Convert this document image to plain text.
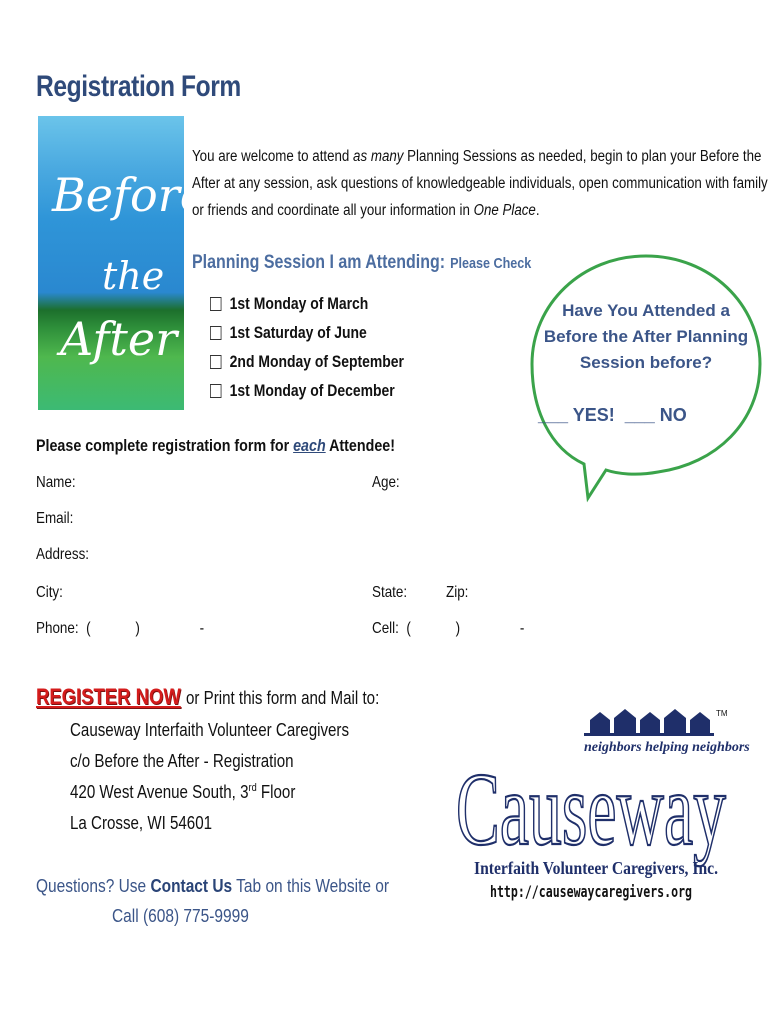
Registration Form
Before
the
After
You are welcome to attend as many Planning Sessions as needed, begin to plan your Before the
After at any session, ask questions of knowledgeable individuals, open communication with family
or friends and coordinate all your information in One Place.
Planning Session I am Attending: Please Check
1st Monday of March
1st Saturday of June
2nd Monday of September
1st Monday of December
Have You Attended a
Before the After Planning
Session before?
___ YES! ___ NO
Please complete registration form for each Attendee!
Name:	Age:
Email:
Address:
City:	State: Zip:
Phone:  (            )                -	Cell:  (            )                -
REGISTER NOW or Print this form and Mail to:
Causeway Interfaith Volunteer Caregivers
c/o Before the After - Registration
420 West Avenue South, 3rd Floor
La Crosse, WI 54601
Questions? Use Contact Us Tab on this Website or
Call (608) 775-9999
TM
neighbors helping neighbors
Causeway
Interfaith Volunteer Caregivers, Inc.
http://causewaycaregivers.org
